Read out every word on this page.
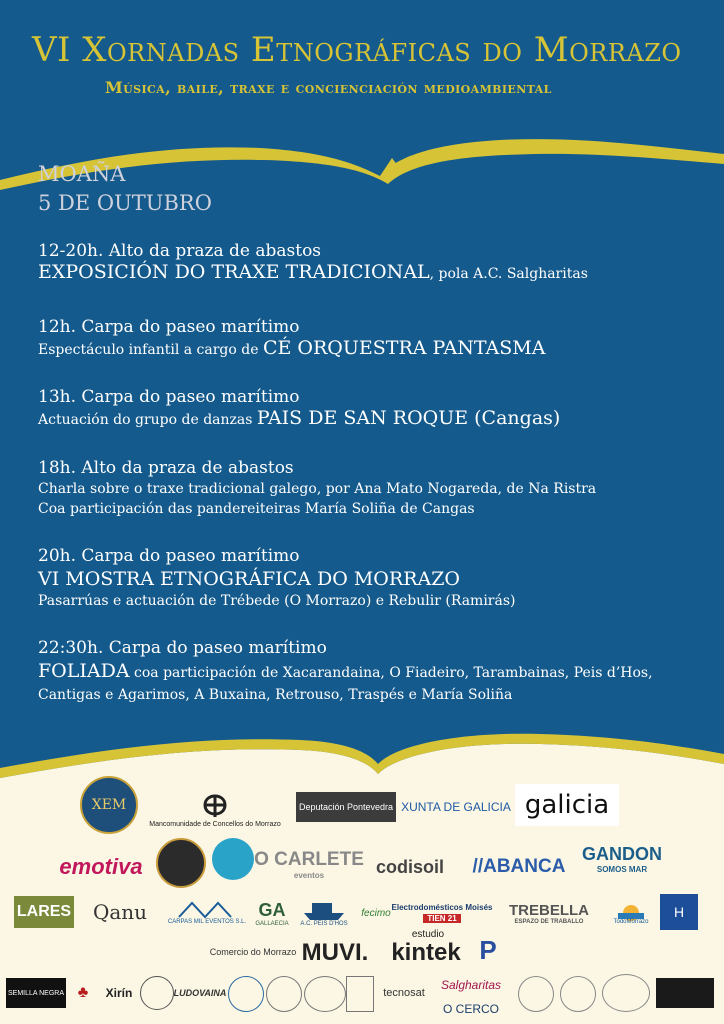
VI Xornadas Etnográficas do Morrazo
Música, baile, traxe e concienciación medioambiental
MOAÑA
5 DE OUTUBRO
12-20h. Alto da praza de abastos
EXPOSICIÓN DO TRAXE TRADICIONAL, pola A.C. Salgharitas
12h. Carpa do paseo marítimo
Espectáculo infantil a cargo de CÉ ORQUESTRA PANTASMA
13h. Carpa do paseo marítimo
Actuación do grupo de danzas PAIS DE SAN ROQUE (Cangas)
18h. Alto da praza de abastos
Charla sobre o traxe tradicional galego, por Ana Mato Nogareda, de Na Ristra
Coa participación das pandereiteiras María Soliña de Cangas
20h. Carpa do paseo marítimo
VI MOSTRA ETNOGRÁFICA DO MORRAZO
Pasarrúas e actuación de Trébede (O Morrazo) e Rebulir (Ramirás)
22:30h. Carpa do paseo marítimo
FOLIADA coa participación de Xacarandaina, O Fiadeiro, Tarambainas, Peis d’Hos,
Cantigas e Agarimos, A Buxaina, Retrouso, Traspés e María Soliña
XEM
Mancomunidade de Concellos do Morrazo
Deputación Pontevedra XUNTA DE GALICIA galicia
emotiva	O CARLETE
eventos	codisoil	//ABANCA
GANDON
SOMOS MAR
LARES	Qanu	CARPAS MIL EVENTOS S.L.
GA
GALLAECIA A.C. PEIS D'HOS
fecimo Electrodomésticos Moisés
TIEN 21	TREBELLA
ESPAZO DE TRABALLO	TodoMorrazo
H
Comercio do Morrazo MUVI. kintek
estudio
P
SEMILLA NEGRA ♣	Xirín	LUDOVAINA	tecnosat
Salgharitas
O CERCO
